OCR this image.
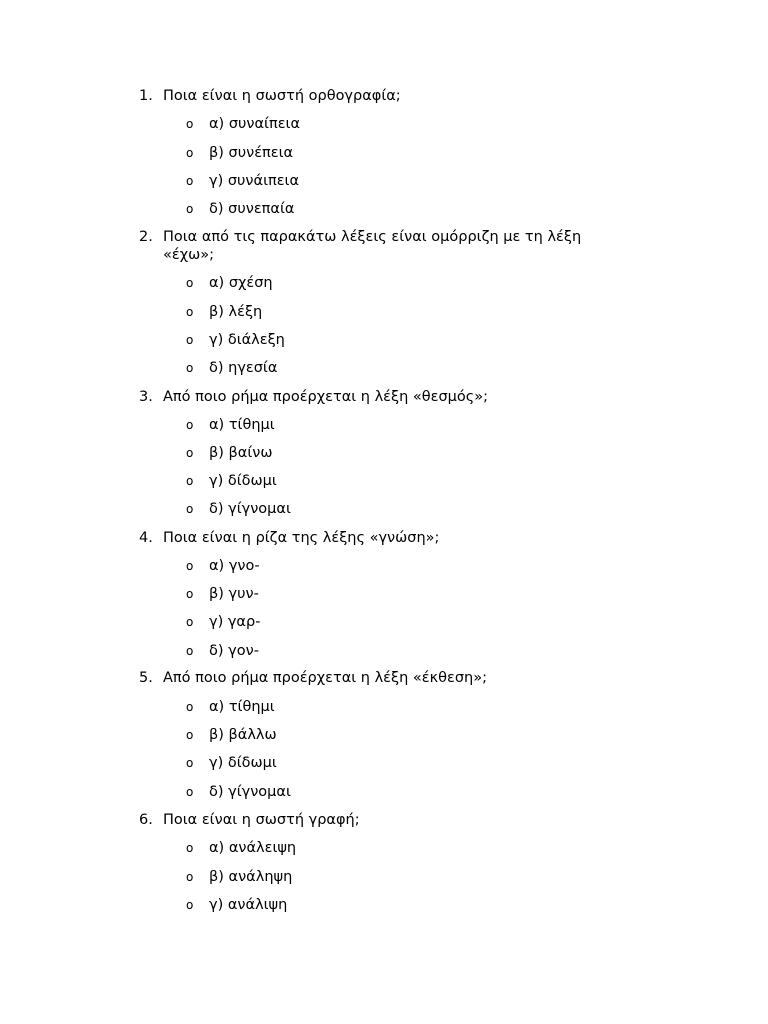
1. Ποια είναι η σωστή ορθογραφία;
o α) συναίπεια
o β) συνέπεια
o γ) συνάιπεια
o δ) συνεπαία
2. Ποια από τις παρακάτω λέξεις είναι ομόρριζη με τη λέξη «έχω»;
o α) σχέση
o β) λέξη
o γ) διάλεξη
o δ) ηγεσία
3. Από ποιο ρήμα προέρχεται η λέξη «θεσμός»;
o α) τίθημι
o β) βαίνω
o γ) δίδωμι
o δ) γίγνομαι
4. Ποια είναι η ρίζα της λέξης «γνώση»;
o α) γνο-
o β) γυν-
o γ) γαρ-
o δ) γον-
5. Από ποιο ρήμα προέρχεται η λέξη «έκθεση»;
o α) τίθημι
o β) βάλλω
o γ) δίδωμι
o δ) γίγνομαι
6. Ποια είναι η σωστή γραφή;
o α) ανάλειψη
o β) ανάληψη
o γ) ανάλιψη
